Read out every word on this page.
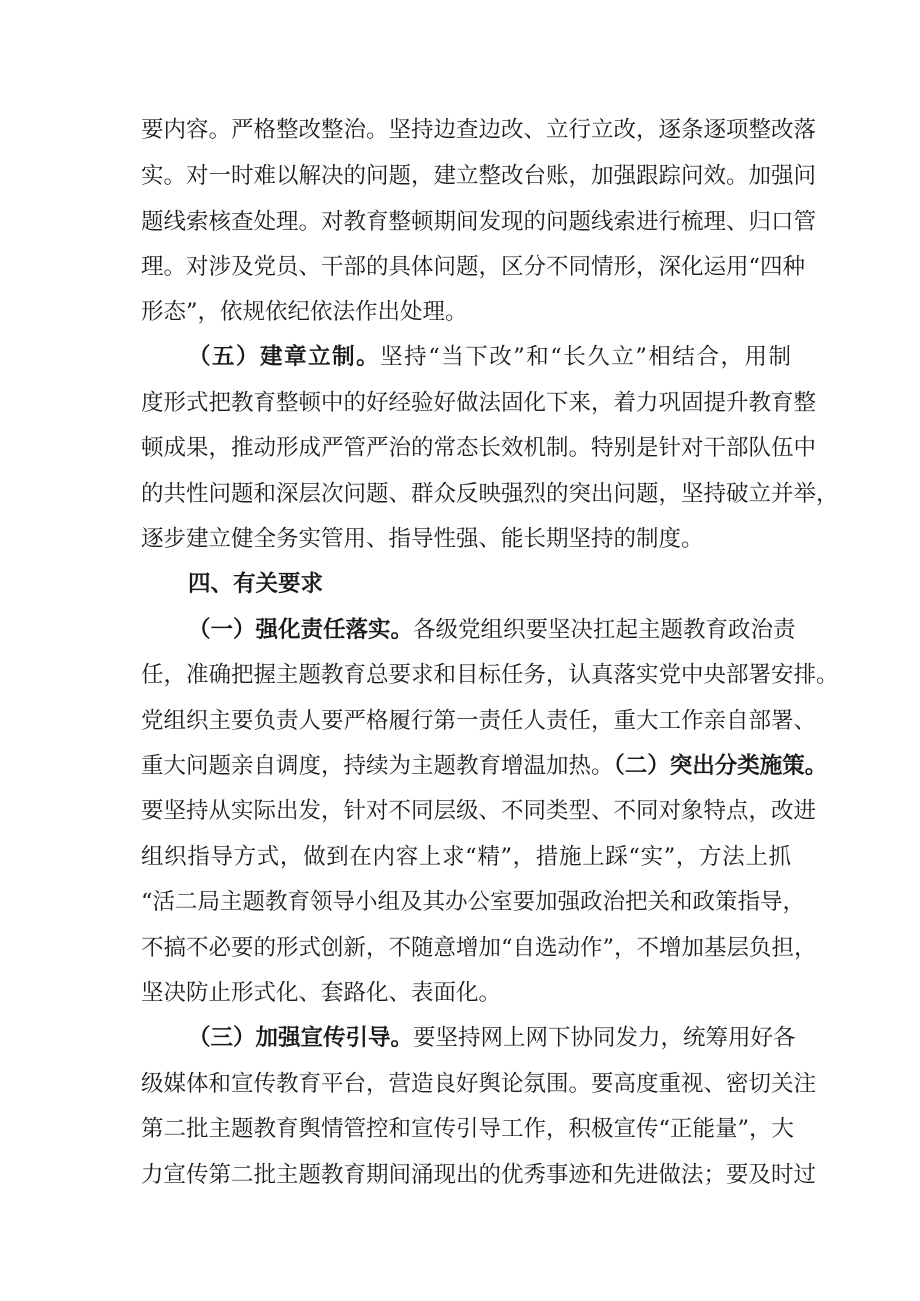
要内容。严格整改整治。坚持边查边改、立行立改，逐条逐项整改落
实。对一时难以解决的问题，建立整改台账，加强跟踪问效。加强问
题线索核查处理。对教育整顿期间发现的问题线索进行梳理、归口管
理。对涉及党员、干部的具体问题，区分不同情形，深化运用“四种
形态”，依规依纪依法作出处理。
（五）建章立制。坚持“当下改”和“长久立”相结合，用制
度形式把教育整顿中的好经验好做法固化下来，着力巩固提升教育整
顿成果，推动形成严管严治的常态长效机制。特别是针对干部队伍中
的共性问题和深层次问题、群众反映强烈的突出问题，坚持破立并举，
逐步建立健全务实管用、指导性强、能长期坚持的制度。
四、有关要求
（一）强化责任落实。各级党组织要坚决扛起主题教育政治责
任，准确把握主题教育总要求和目标任务，认真落实党中央部署安排。
党组织主要负责人要严格履行第一责任人责任，重大工作亲自部署、
重大问题亲自调度，持续为主题教育增温加热。（二）突出分类施策。
要坚持从实际出发，针对不同层级、不同类型、不同对象特点，改进
组织指导方式，做到在内容上求“精”，措施上踩“实”，方法上抓
“活二局主题教育领导小组及其办公室要加强政治把关和政策指导，
不搞不必要的形式创新，不随意增加“自选动作”，不增加基层负担，
坚决防止形式化、套路化、表面化。
（三）加强宣传引导。要坚持网上网下协同发力，统筹用好各
级媒体和宣传教育平台，营造良好舆论氛围。要高度重视、密切关注
第二批主题教育舆情管控和宣传引导工作，积极宣传“正能量”，大
力宣传第二批主题教育期间涌现出的优秀事迹和先进做法；要及时过
